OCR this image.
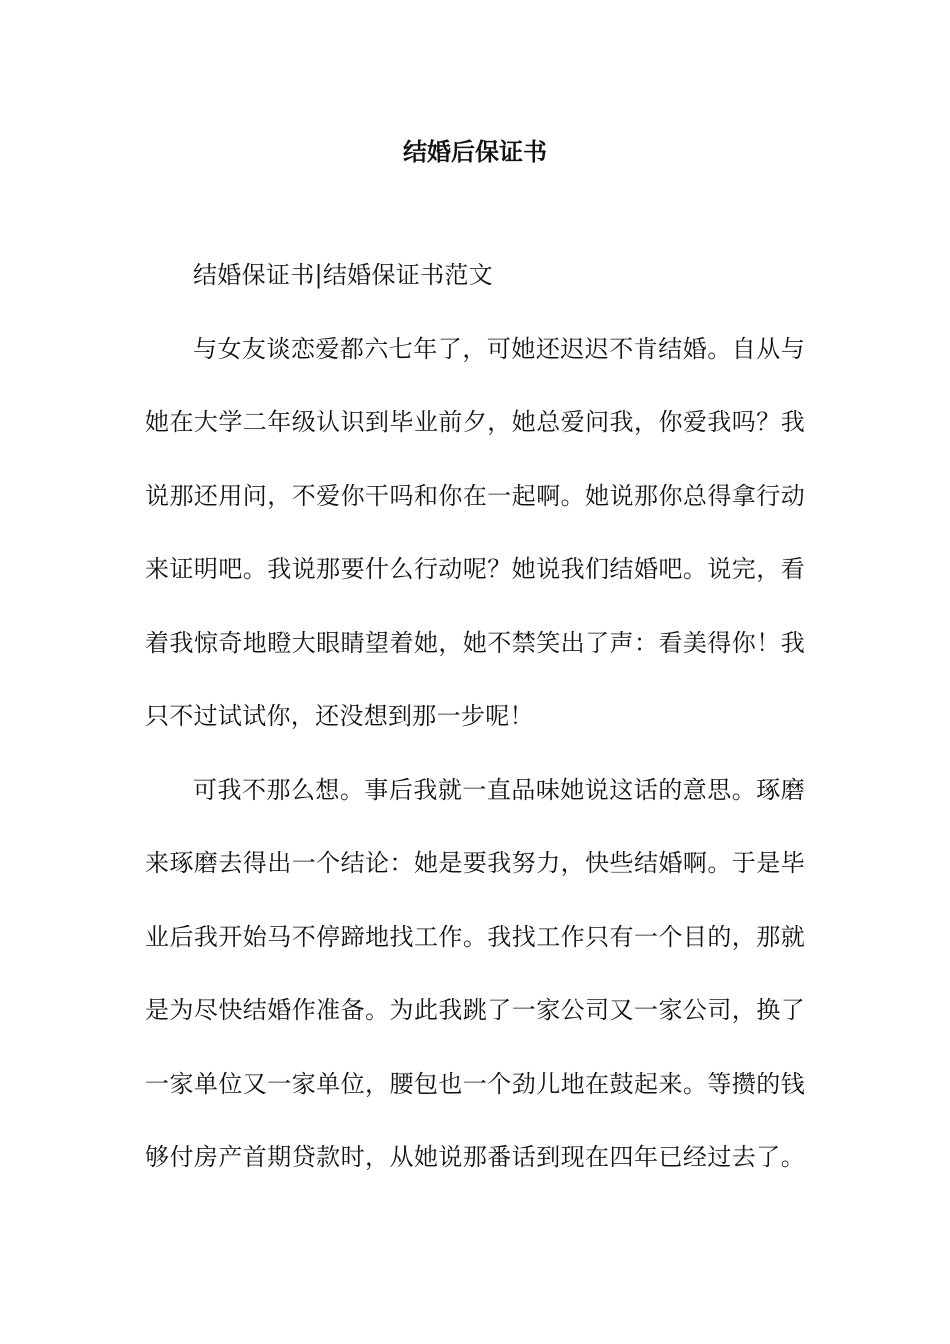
结婚后保证书
结婚保证书|结婚保证书范文
与女友谈恋爱都六七年了，可她还迟迟不肯结婚。自从与
她在大学二年级认识到毕业前夕，她总爱问我，你爱我吗？我
说那还用问，不爱你干吗和你在一起啊。她说那你总得拿行动
来证明吧。我说那要什么行动呢？她说我们结婚吧。说完，看
着我惊奇地瞪大眼睛望着她，她不禁笑出了声：看美得你！我
只不过试试你，还没想到那一步呢！
可我不那么想。事后我就一直品味她说这话的意思。琢磨
来琢磨去得出一个结论：她是要我努力，快些结婚啊。于是毕
业后我开始马不停蹄地找工作。我找工作只有一个目的，那就
是为尽快结婚作准备。为此我跳了一家公司又一家公司，换了
一家单位又一家单位，腰包也一个劲儿地在鼓起来。等攒的钱
够付房产首期贷款时，从她说那番话到现在四年已经过去了。
